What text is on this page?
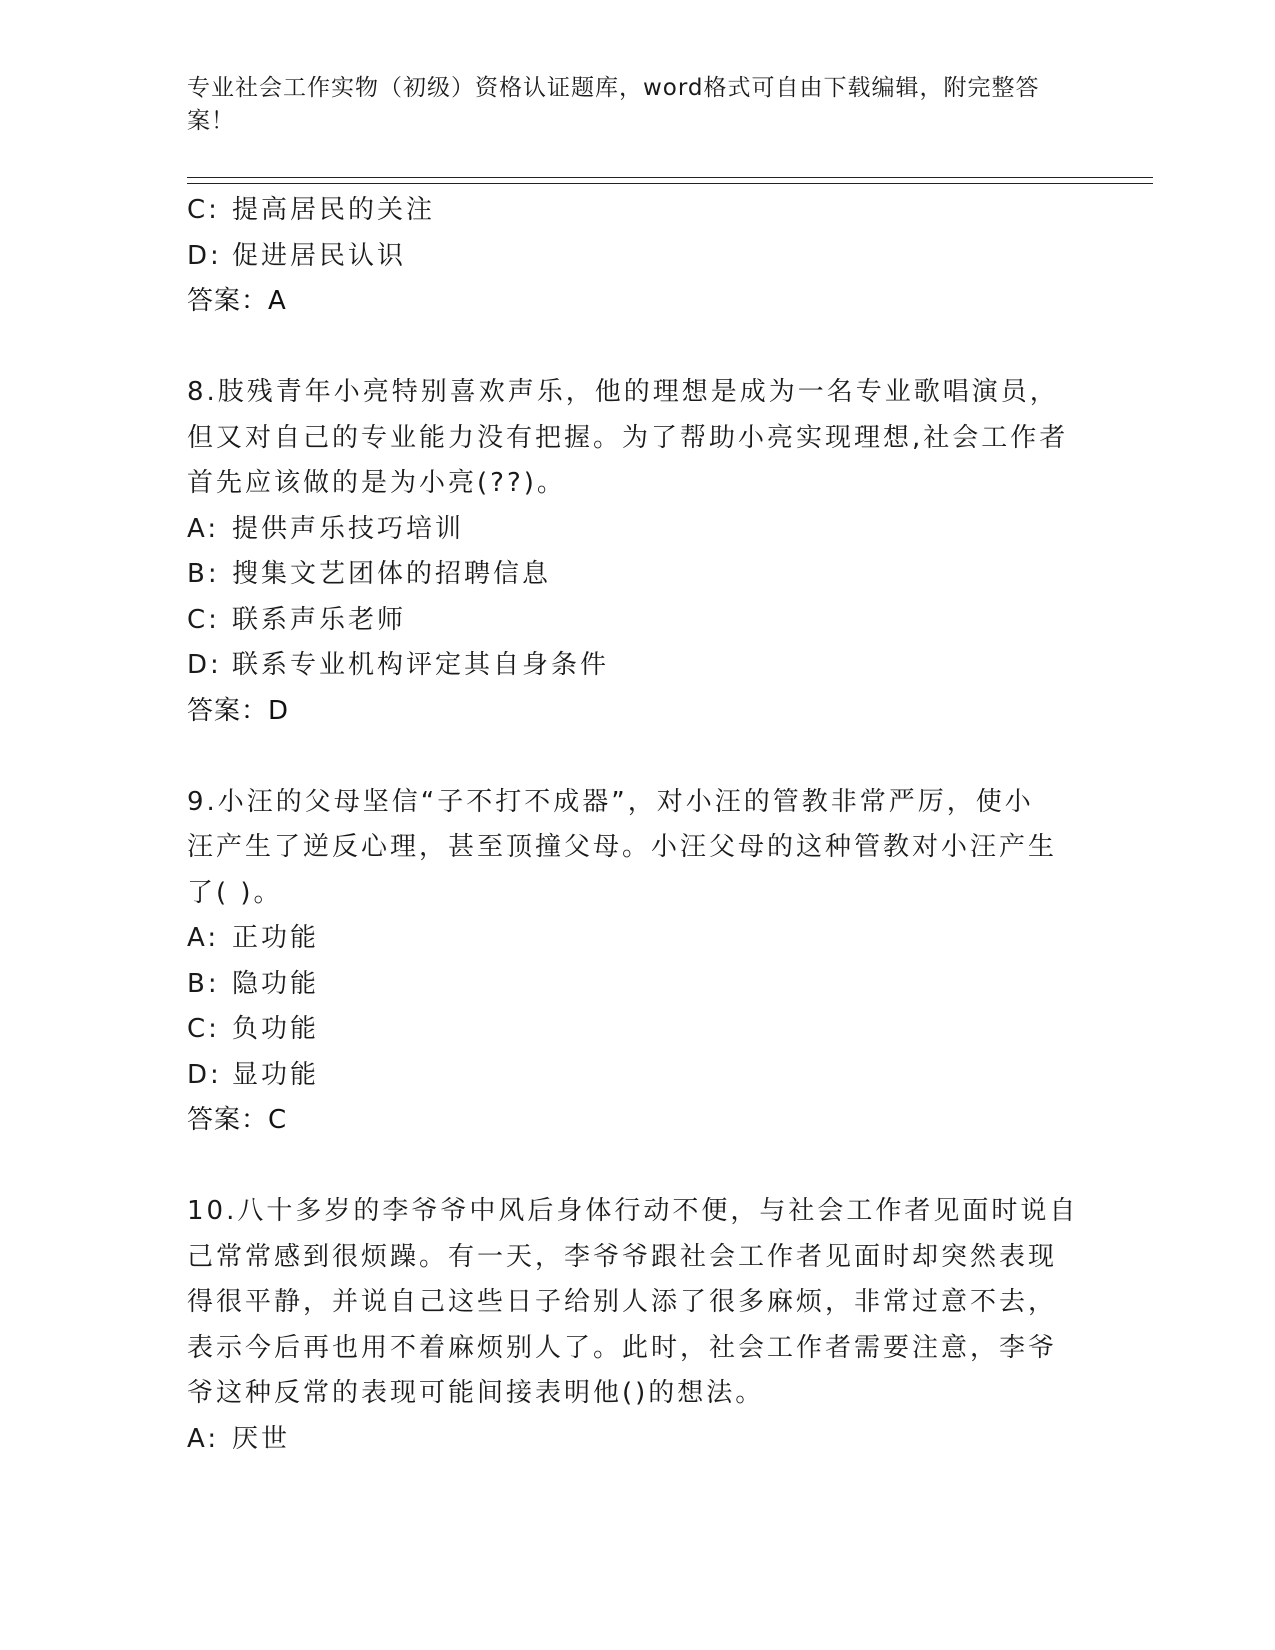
专业社会工作实物（初级）资格认证题库，word格式可自由下载编辑，附完整答案！
C: 提高居民的关注
D: 促进居民认识
答案：A
8.肢残青年小亮特别喜欢声乐，他的理想是成为一名专业歌唱演员，
但又对自己的专业能力没有把握。为了帮助小亮实现理想,社会工作者
首先应该做的是为小亮(??)。
A: 提供声乐技巧培训
B: 搜集文艺团体的招聘信息
C: 联系声乐老师
D: 联系专业机构评定其自身条件
答案：D
9.小汪的父母坚信“子不打不成器”，对小汪的管教非常严厉，使小
汪产生了逆反心理，甚至顶撞父母。小汪父母的这种管教对小汪产生
了( )。
A: 正功能
B: 隐功能
C: 负功能
D: 显功能
答案：C
10.八十多岁的李爷爷中风后身体行动不便，与社会工作者见面时说自
己常常感到很烦躁。有一天，李爷爷跟社会工作者见面时却突然表现
得很平静，并说自己这些日子给别人添了很多麻烦，非常过意不去，
表示今后再也用不着麻烦别人了。此时，社会工作者需要注意，李爷
爷这种反常的表现可能间接表明他()的想法。
A: 厌世
